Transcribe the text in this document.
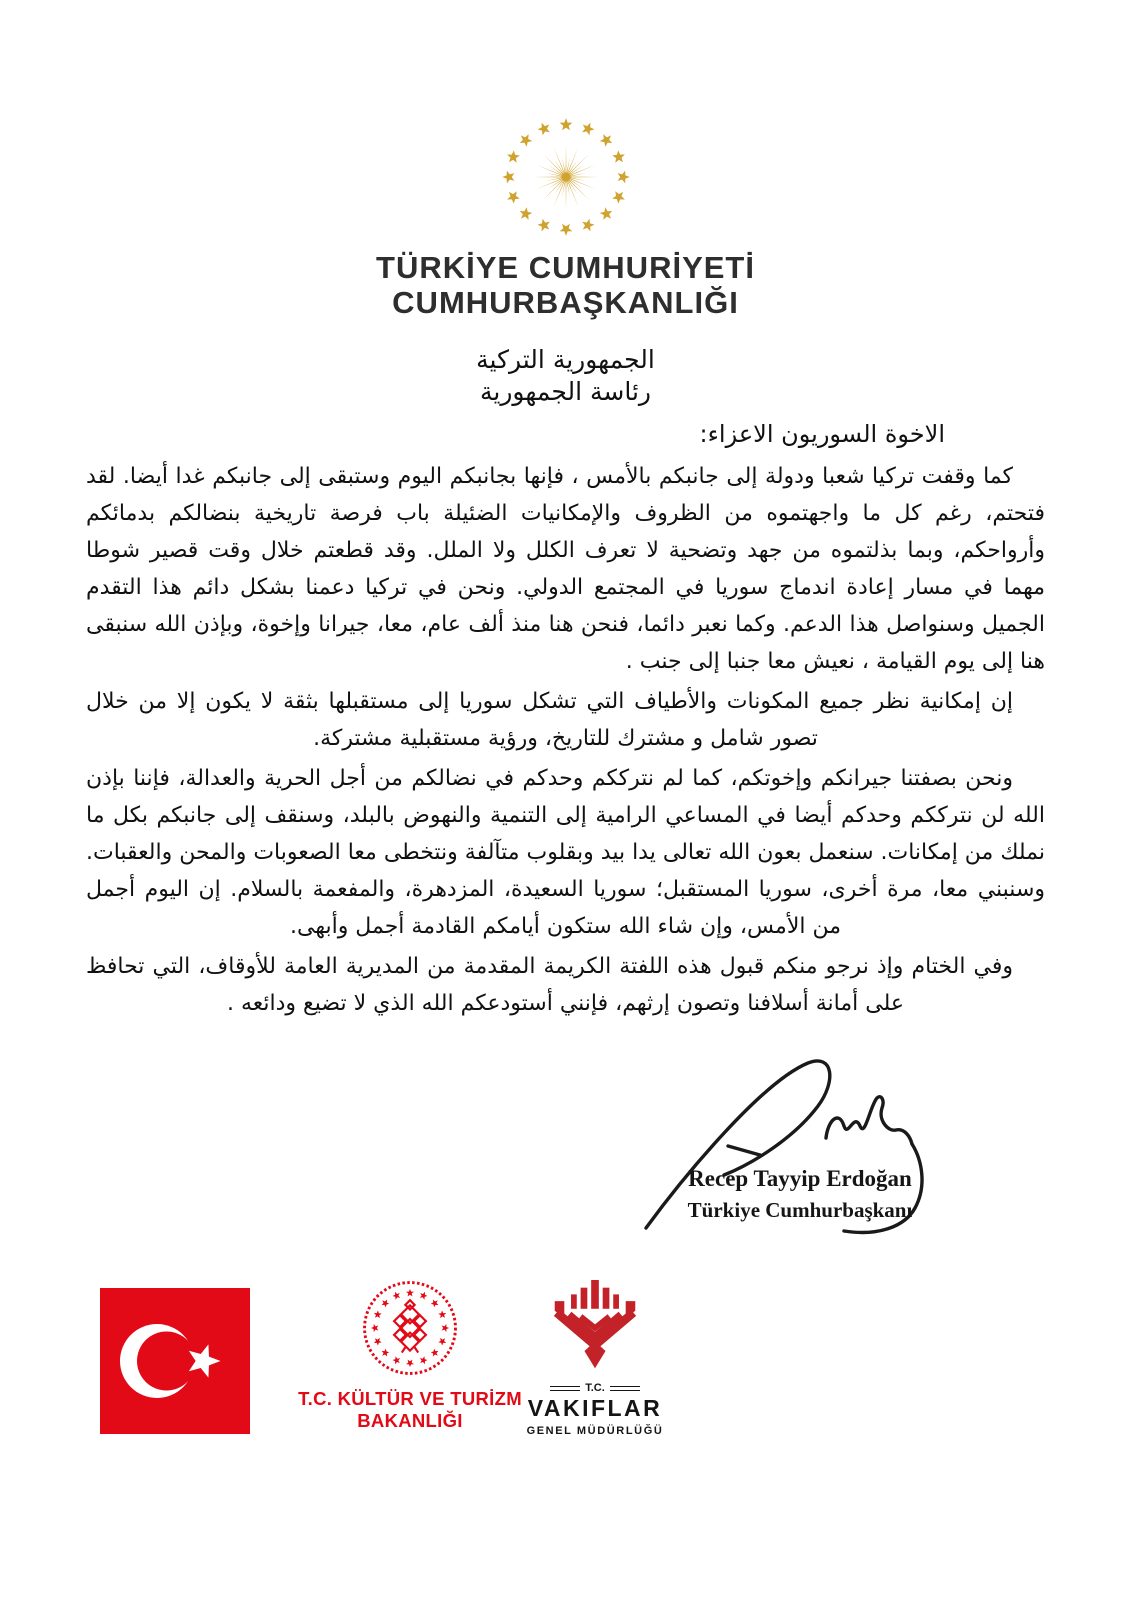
TÜRKİYE CUMHURİYETİ
CUMHURBAŞKANLIĞI
الجمهورية التركية
رئاسة الجمهورية
الاخوة السوريون الاعزاء:

كما وقفت تركيا شعبا ودولة إلى جانبكم بالأمس ، فإنها بجانبكم اليوم وستبقى إلى جانبكم غدا أيضا. لقد فتحتم، رغم كل ما واجهتموه من الظروف والإمكانيات الضئيلة باب فرصة تاريخية بنضالكم بدمائكم وأرواحكم، وبما بذلتموه من جهد وتضحية لا تعرف الكلل ولا الملل. وقد قطعتم خلال وقت قصير شوطا مهما في مسار إعادة اندماج سوريا في المجتمع الدولي. ونحن في تركيا دعمنا بشكل دائم هذا التقدم الجميل وسنواصل هذا الدعم. وكما نعبر دائما، فنحن هنا منذ ألف عام، معا، جيرانا وإخوة، وبإذن الله سنبقى هنا إلى يوم القيامة ، نعيش معا جنبا إلى جنب .

إن إمكانية نظر جميع المكونات والأطياف التي تشكل سوريا إلى مستقبلها بثقة لا يكون إلا من خلال تصور شامل و مشترك للتاريخ، ورؤية مستقبلية مشتركة.

ونحن بصفتنا جيرانكم وإخوتكم، كما لم نترككم وحدكم في نضالكم من أجل الحرية والعدالة، فإننا بإذن الله لن نترككم وحدكم أيضا في المساعي الرامية إلى التنمية والنهوض بالبلد، وسنقف إلى جانبكم بكل ما نملك من إمكانات. سنعمل بعون الله تعالى يدا بيد وبقلوب متآلفة ونتخطى معا الصعوبات والمحن والعقبات. وسنبني معا، مرة أخرى، سوريا المستقبل؛ سوريا السعيدة، المزدهرة، والمفعمة بالسلام. إن اليوم أجمل من الأمس، وإن شاء الله ستكون أيامكم القادمة أجمل وأبهى.

وفي الختام وإذ نرجو منكم قبول هذه اللفتة الكريمة المقدمة من المديرية العامة للأوقاف، التي تحافظ على أمانة أسلافنا وتصون إرثهم، فإنني أستودعكم الله الذي لا تضيع ودائعه .

Recep Tayyip Erdoğan
Türkiye Cumhurbaşkanı
T.C. KÜLTÜR VE TURİZM
BAKANLIĞI
T.C.
VAKIFLAR
GENEL MÜDÜRLÜĞÜ
